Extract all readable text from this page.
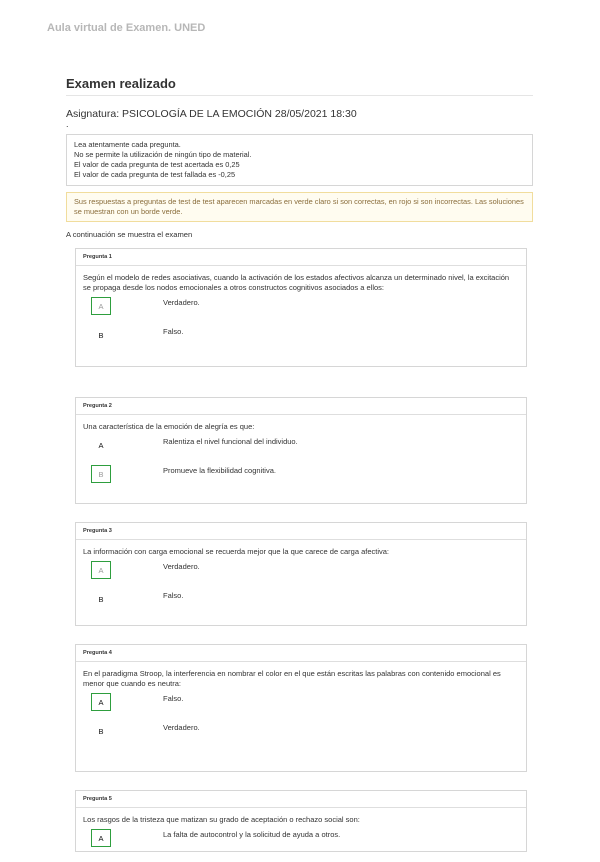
Aula virtual de Examen. UNED
Examen realizado
Asignatura: PSICOLOGÍA DE LA EMOCIÓN 28/05/2021 18:30
.
Lea atentamente cada pregunta.
No se permite la utilización de ningún tipo de material.
El valor de cada pregunta de test acertada es 0,25
El valor de cada pregunta de test fallada es -0,25
Sus respuestas a preguntas de test de test aparecen marcadas en verde claro si son correctas, en rojo si son incorrectas. Las soluciones se muestran con un borde verde.
A continuación se muestra el examen
Pregunta 1
Según el modelo de redes asociativas, cuando la activación de los estados afectivos alcanza un determinado nivel, la excitación se propaga desde los nodos emocionales a otros constructos cognitivos asociados a ellos:
A	Verdadero.
B	Falso.
Pregunta 2
Una característica de la emoción de alegría es que:
A	Ralentiza el nivel funcional del individuo.
B	Promueve la flexibilidad cognitiva.
Pregunta 3
La información con carga emocional se recuerda mejor que la que carece de carga afectiva:
A	Verdadero.
B	Falso.
Pregunta 4
En el paradigma Stroop, la interferencia en nombrar el color en el que están escritas las palabras con contenido emocional es menor que cuando es neutra:
A	Falso.
B	Verdadero.
Pregunta 5
Los rasgos de la tristeza que matizan su grado de aceptación o rechazo social son:
A	La falta de autocontrol y la solicitud de ayuda a otros.
